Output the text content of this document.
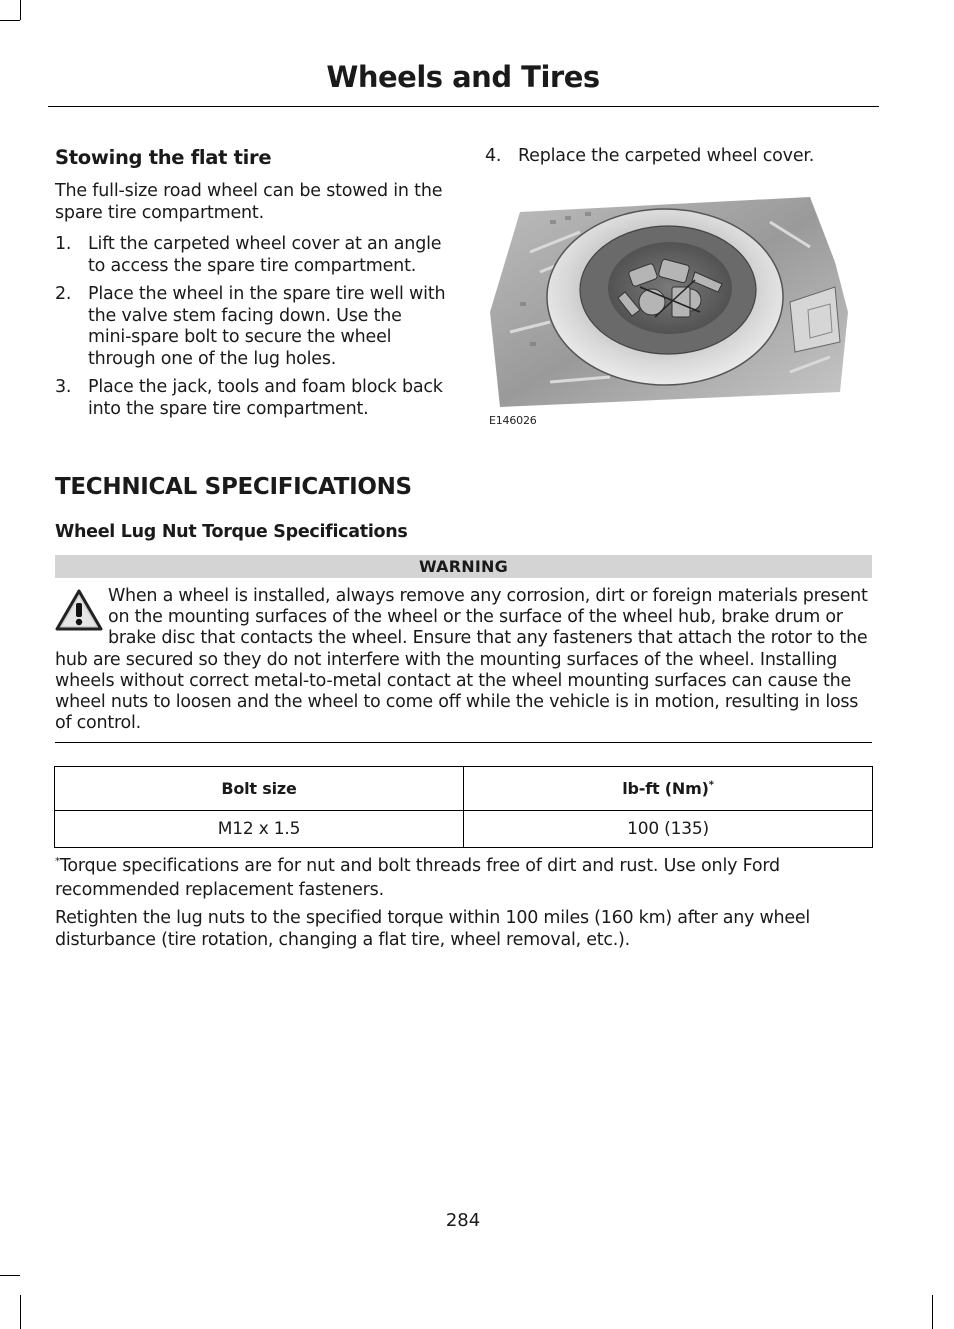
Wheels and Tires
Stowing the flat tire

The full-size road wheel can be stowed in the spare tire compartment.

1. Lift the carpeted wheel cover at an angle to access the spare tire compartment.
2. Place the wheel in the spare tire well with the valve stem facing down. Use the mini-spare bolt to secure the wheel through one of the lug holes.
3. Place the jack, tools and foam block back into the spare tire compartment.
4. Replace the carpeted wheel cover.
E146026
TECHNICAL SPECIFICATIONS
Wheel Lug Nut Torque Specifications
WARNING

When a wheel is installed, always remove any corrosion, dirt or foreign materials present on the mounting surfaces of the wheel or the surface of the wheel hub, brake drum or brake disc that contacts the wheel. Ensure that any fasteners that attach the rotor to the hub are secured so they do not interfere with the mounting surfaces of the wheel. Installing wheels without correct metal-to-metal contact at the wheel mounting surfaces can cause the wheel nuts to loosen and the wheel to come off while the vehicle is in motion, resulting in loss of control.

Bolt size	lb-ft (Nm)*
M12 x 1.5	100 (135)

*Torque specifications are for nut and bolt threads free of dirt and rust. Use only Ford recommended replacement fasteners.

Retighten the lug nuts to the specified torque within 100 miles (160 km) after any wheel disturbance (tire rotation, changing a flat tire, wheel removal, etc.).

284
